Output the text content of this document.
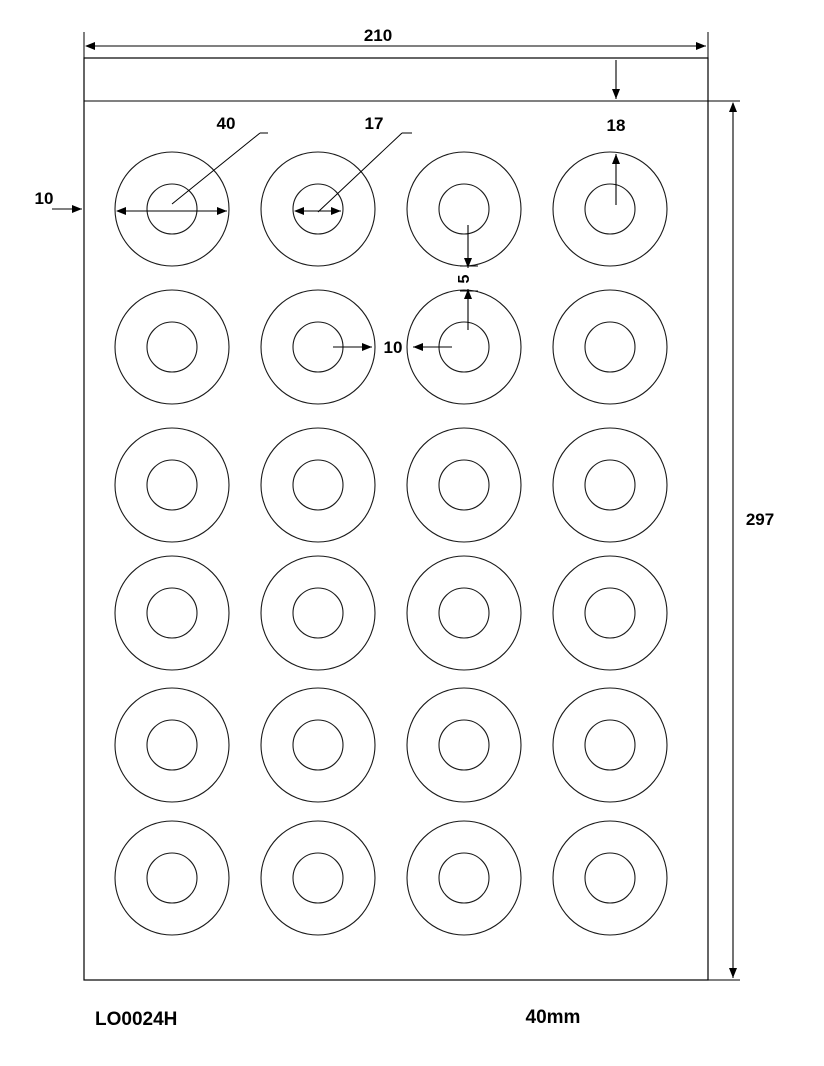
210
297
10
18
40	17
5
10
LO0024H	40mm
